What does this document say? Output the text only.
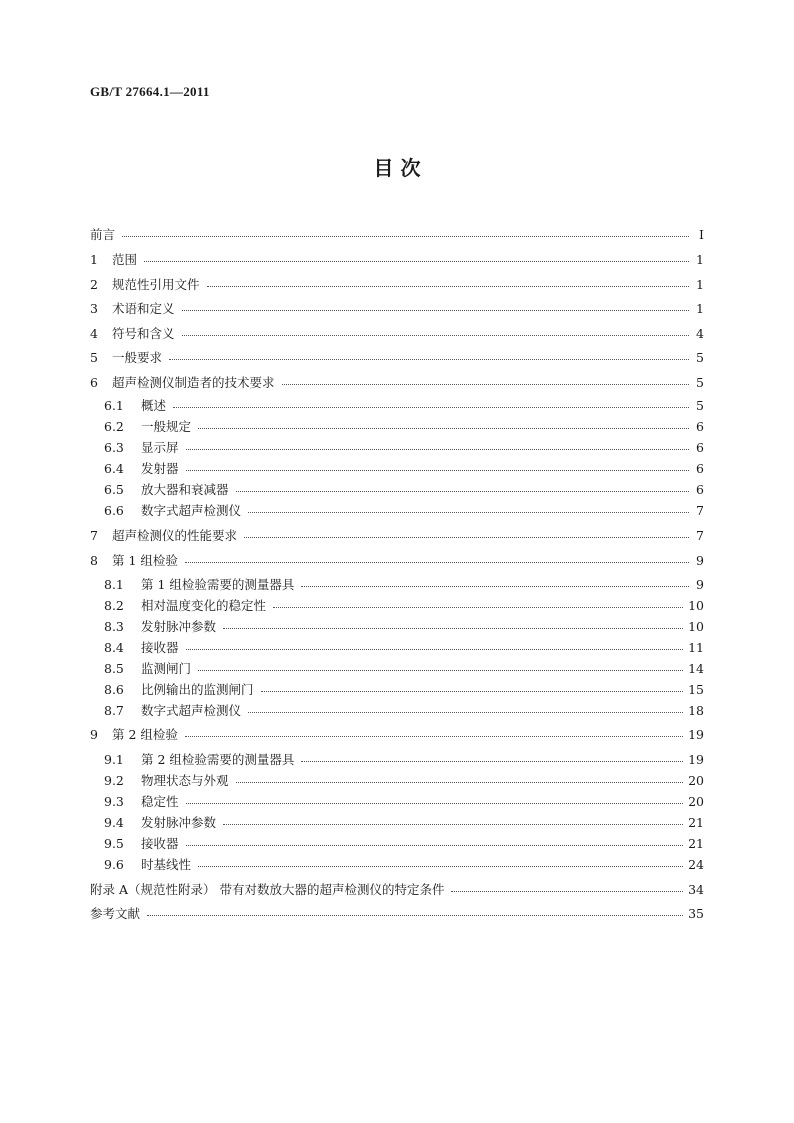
GB/T 27664.1—2011
目 次
前言	Ⅰ
1	范围	1
2	规范性引用文件	1
3	术语和定义	1
4	符号和含义	4
5	一般要求	5
6	超声检测仪制造者的技术要求	5
6.1	概述	5
6.2	一般规定	6
6.3	显示屏	6
6.4	发射器	6
6.5	放大器和衰减器	6
6.6	数字式超声检测仪	7
7	超声检测仪的性能要求	7
8	第 1 组检验	9
8.1	第 1 组检验需要的测量器具	9
8.2	相对温度变化的稳定性	10
8.3	发射脉冲参数	10
8.4	接收器	11
8.5	监测闸门	14
8.6	比例输出的监测闸门	15
8.7	数字式超声检测仪	18
9	第 2 组检验	19
9.1	第 2 组检验需要的测量器具	19
9.2	物理状态与外观	20
9.3	稳定性	20
9.4	发射脉冲参数	21
9.5	接收器	21
9.6	时基线性	24
附录 A（规范性附录） 带有对数放大器的超声检测仪的特定条件	34
参考文献	35
